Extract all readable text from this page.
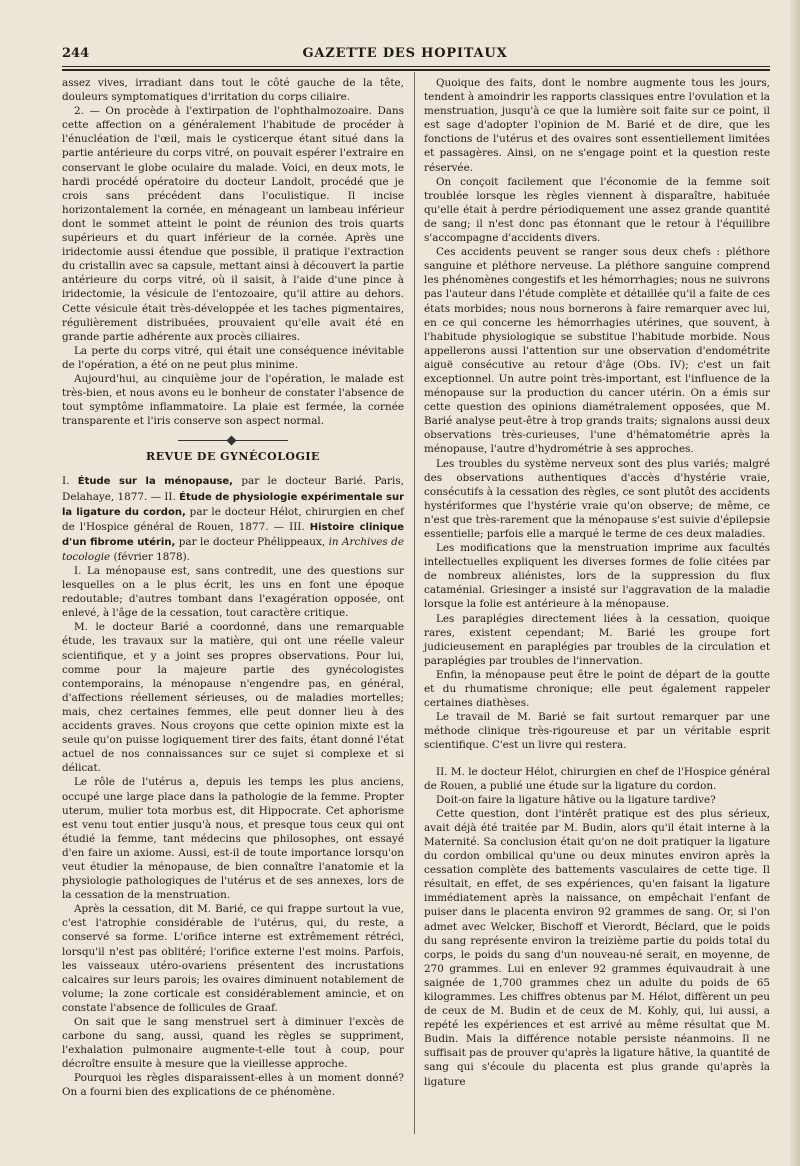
244	GAZETTE DES HOPITAUX

assez vives, irradiant dans tout le côté gauche de la tête, douleurs symptomatiques d'irritation du corps ciliaire.

2. — On procède à l'extirpation de l'ophthalmozoaire. Dans cette affection on a généralement l'habitude de procéder à l'énucléation de l'œil, mais le cysticerque étant situé dans la partie antérieure du corps vitré, on pouvait espérer l'extraire en conservant le globe oculaire du malade. Voici, en deux mots, le hardi procédé opératoire du docteur Landolt, procédé que je crois sans précédent dans l'oculistique. Il incise horizontalement la cornée, en ménageant un lambeau inférieur dont le sommet atteint le point de réunion des trois quarts supérieurs et du quart inférieur de la cornée. Après une iridectomie aussi étendue que possible, il pratique l'extraction du cristallin avec sa capsule, mettant ainsi à découvert la partie antérieure du corps vitré, où il saisit, à l'aide d'une pince à iridectomie, la vésicule de l'entozoaire, qu'il attire au dehors. Cette vésicule était très-développée et les taches pigmentaires, régulièrement distribuées, prouvaient qu'elle avait été en grande partie adhérente aux procès ciliaires.

La perte du corps vitré, qui était une conséquence inévitable de l'opération, a été on ne peut plus minime.

Aujourd'hui, au cinquième jour de l'opération, le malade est très-bien, et nous avons eu le bonheur de constater l'absence de tout symptôme inflammatoire. La plaie est fermée, la cornée transparente et l'iris conserve son aspect normal.

REVUE DE GYNÉCOLOGIE

I. Étude sur la ménopause, par le docteur Barié. Paris, Delahaye, 1877. — II. Étude de physiologie expérimentale sur la ligature du cordon, par le docteur Hélot, chirurgien en chef de l'Hospice général de Rouen, 1877. — III. Histoire clinique d'un fibrome utérin, par le docteur Phélippeaux, in Archives de tocologie (février 1878).

I. La ménopause est, sans contredit, une des questions sur lesquelles on a le plus écrit, les uns en font une époque redoutable; d'autres tombant dans l'exagération opposée, ont enlevé, à l'âge de la cessation, tout caractère critique.

M. le docteur Barié a coordonné, dans une remarquable étude, les travaux sur la matière, qui ont une réelle valeur scientifique, et y a joint ses propres observations. Pour lui, comme pour la majeure partie des gynécologistes contemporains, la ménopause n'engendre pas, en général, d'affections réellement sérieuses, ou de maladies mortelles; mais, chez certaines femmes, elle peut donner lieu à des accidents graves. Nous croyons que cette opinion mixte est la seule qu'on puisse logiquement tirer des faits, étant donné l'état actuel de nos connaissances sur ce sujet si complexe et si délicat.

Le rôle de l'utérus a, depuis les temps les plus anciens, occupé une large place dans la pathologie de la femme. Propter uterum, mulier tota morbus est, dit Hippocrate. Cet aphorisme est venu tout entier jusqu'à nous, et presque tous ceux qui ont étudié la femme, tant médecins que philosophes, ont essayé d'en faire un axiome. Aussi, est-il de toute importance lorsqu'on veut étudier la ménopause, de bien connaître l'anatomie et la physiologie pathologiques de l'utérus et de ses annexes, lors de la cessation de la menstruation.

Après la cessation, dit M. Barié, ce qui frappe surtout la vue, c'est l'atrophie considérable de l'utérus, qui, du reste, a conservé sa forme. L'orifice interne est extrêmement rétréci, lorsqu'il n'est pas oblitéré; l'orifice externe l'est moins. Parfois, les vaisseaux utéro-ovariens présentent des incrustations calcaires sur leurs parois; les ovaires diminuent notablement de volume; la zone corticale est considérablement amincie, et on constate l'absence de follicules de Graaf.

On sait que le sang menstruel sert à diminuer l'excès de carbone du sang, aussi, quand les règles se suppriment, l'exhalation pulmonaire augmente-t-elle tout à coup, pour décroître ensuite à mesure que la vieillesse approche.

Pourquoi les règles disparaissent-elles à un moment donné? On a fourni bien des explications de ce phénomène.

Quoique des faits, dont le nombre augmente tous les jours, tendent à amoindrir les rapports classiques entre l'ovulation et la menstruation, jusqu'à ce que la lumière soit faite sur ce point, il est sage d'adopter l'opinion de M. Barié et de dire, que les fonctions de l'utérus et des ovaires sont essentiellement limitées et passagères. Ainsi, on ne s'engage point et la question reste réservée.

On conçoit facilement que l'économie de la femme soit troublée lorsque les règles viennent à disparaître, habituée qu'elle était à perdre périodiquement une assez grande quantité de sang; il n'est donc pas étonnant que le retour à l'équilibre s'accompagne d'accidents divers.

Ces accidents peuvent se ranger sous deux chefs : pléthore sanguine et pléthore nerveuse. La pléthore sanguine comprend les phénomènes congestifs et les hémorrhagies; nous ne suivrons pas l'auteur dans l'étude complète et détaillée qu'il a faite de ces états morbides; nous nous bornerons à faire remarquer avec lui, en ce qui concerne les hémorrhagies utérines, que souvent, à l'habitude physiologique se substitue l'habitude morbide. Nous appellerons aussi l'attention sur une observation d'endométrite aiguë consécutive au retour d'âge (Obs. IV); c'est un fait exceptionnel. Un autre point très-important, est l'influence de la ménopause sur la production du cancer utérin. On a émis sur cette question des opinions diamétralement opposées, que M. Barié analyse peut-être à trop grands traits; signalons aussi deux observations très-curieuses, l'une d'hématométrie après la ménopause, l'autre d'hydrométrie à ses approches.

Les troubles du système nerveux sont des plus variés; malgré des observations authentiques d'accès d'hystérie vraie, consécutifs à la cessation des règles, ce sont plutôt des accidents hystériformes que l'hystérie vraie qu'on observe; de même, ce n'est que très-rarement que la ménopause s'est suivie d'épilepsie essentielle; parfois elle a marqué le terme de ces deux maladies.

Les modifications que la menstruation imprime aux facultés intellectuelles expliquent les diverses formes de folie citées par de nombreux aliénistes, lors de la suppression du flux cataménial. Griesinger a insisté sur l'aggravation de la maladie lorsque la folie est antérieure à la ménopause.

Les paraplégies directement liées à la cessation, quoique rares, existent cependant; M. Barié les groupe fort judicieusement en paraplégies par troubles de la circulation et paraplégies par troubles de l'innervation.

Enfin, la ménopause peut être le point de départ de la goutte et du rhumatisme chronique; elle peut également rappeler certaines diathèses.

Le travail de M. Barié se fait surtout remarquer par une méthode clinique très-rigoureuse et par un véritable esprit scientifique. C'est un livre qui restera.

II. M. le docteur Hélot, chirurgien en chef de l'Hospice général de Rouen, a publié une étude sur la ligature du cordon.

Doit-on faire la ligature hâtive ou la ligature tardive?

Cette question, dont l'intérêt pratique est des plus sérieux, avait déjà été traitée par M. Budin, alors qu'il était interne à la Maternité. Sa conclusion était qu'on ne doit pratiquer la ligature du cordon ombilical qu'une ou deux minutes environ après la cessation complète des battements vasculaires de cette tige. Il résultait, en effet, de ses expériences, qu'en faisant la ligature immédiatement après la naissance, on empêchait l'enfant de puiser dans le placenta environ 92 grammes de sang. Or, si l'on admet avec Welcker, Bischoff et Vierordt, Béclard, que le poids du sang représente environ la treizième partie du poids total du corps, le poids du sang d'un nouveau-né serait, en moyenne, de 270 grammes. Lui en enlever 92 grammes équivaudrait à une saignée de 1,700 grammes chez un adulte du poids de 65 kilogrammes. Les chiffres obtenus par M. Hélot, diffèrent un peu de ceux de M. Budin et de ceux de M. Kohly, qui, lui aussi, a repété les expériences et est arrivé au même résultat que M. Budin. Mais la différence notable persiste néanmoins. Il ne suffisait pas de prouver qu'après la ligature hâtive, la quantité de sang qui s'écoule du placenta est plus grande qu'après la ligature
